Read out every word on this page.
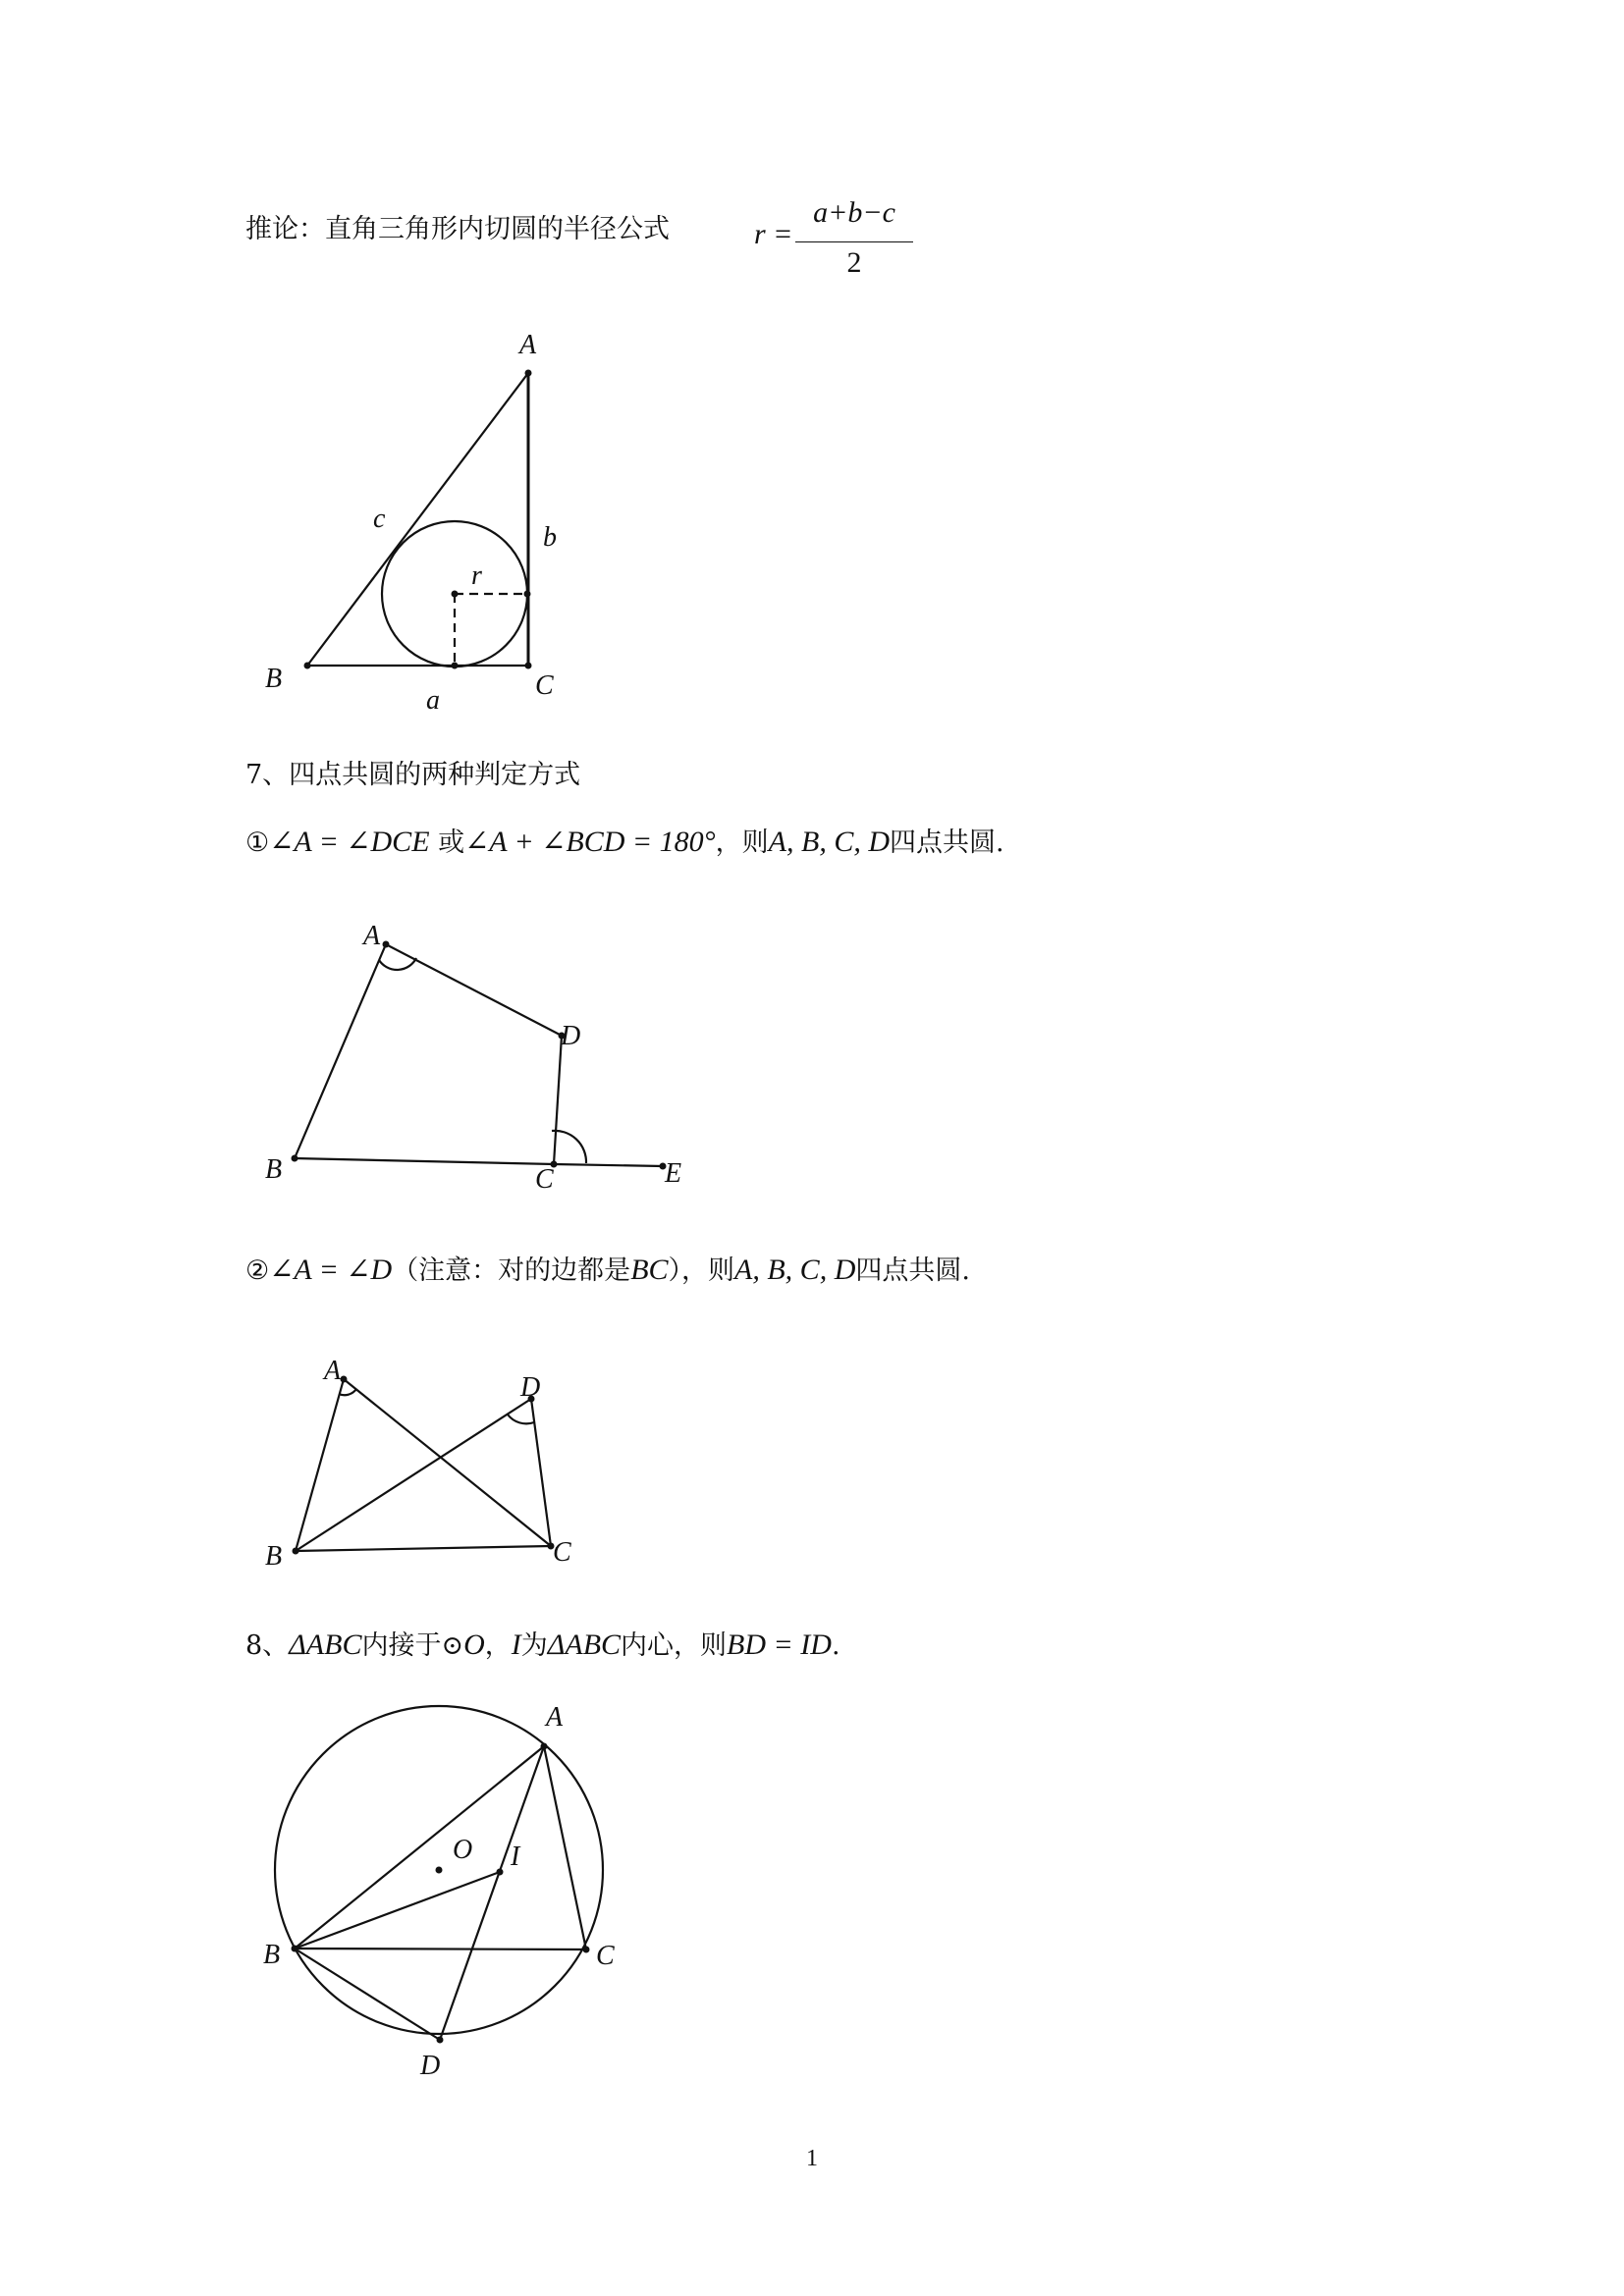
推论：直角三角形内切圆的半径公式	r =
a+b−c
2
7、四点共圆的两种判定方式
①∠A = ∠DCE 或∠A + ∠BCD = 180°，则A, B, C, D四点共圆.
②∠A = ∠D（注意：对的边都是BC），则A, B, C, D四点共圆.
8、ΔABC内接于⊙O，I为ΔABC内心，则BD = ID.
A
B	C
a
b
c
r
A
D
B	C	E
A
D
B	C
A
B	C
D
O I
1
